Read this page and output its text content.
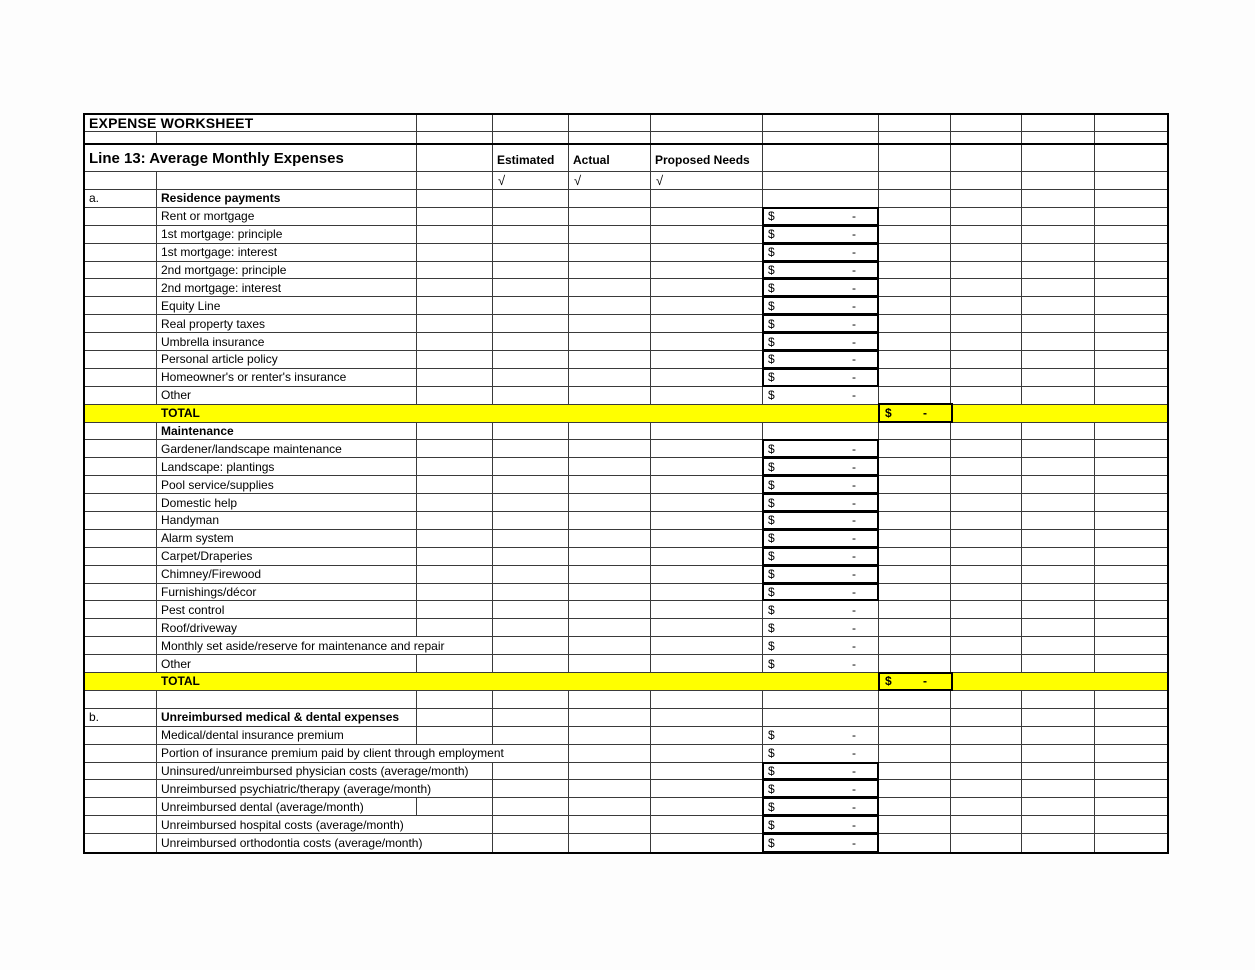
EXPENSE WORKSHEET
Line 13: Average Monthly Expenses	Estimated	Actual	Proposed Needs
√	√	√
a.	Residence payments
Rent or mortgage	$	-
1st mortgage: principle	$	-
1st mortgage: interest	$	-
2nd mortgage: principle	$	-
2nd mortgage: interest	$	-
Equity Line	$	-
Real property taxes	$	-
Umbrella insurance	$	-
Personal article policy	$	-
Homeowner's or renter's insurance	$	-
Other	$	-
TOTAL	$	-
Maintenance
Gardener/landscape maintenance	$	-
Landscape: plantings	$	-
Pool service/supplies	$	-
Domestic help	$	-
Handyman	$	-
Alarm system	$	-
Carpet/Draperies	$	-
Chimney/Firewood	$	-
Furnishings/décor	$	-
Pest control	$	-
Roof/driveway	$	-
Monthly set aside/reserve for maintenance and repair	$	-
Other	$	-
TOTAL	$	-
b.	Unreimbursed medical & dental expenses
Medical/dental insurance premium	$	-
Portion of insurance premium paid by client through employment	$	-
Uninsured/unreimbursed physician costs (average/month)	$	-
Unreimbursed psychiatric/therapy (average/month)	$	-
Unreimbursed dental (average/month)	$	-
Unreimbursed hospital costs (average/month)	$	-
Unreimbursed orthodontia costs (average/month)	$	-
